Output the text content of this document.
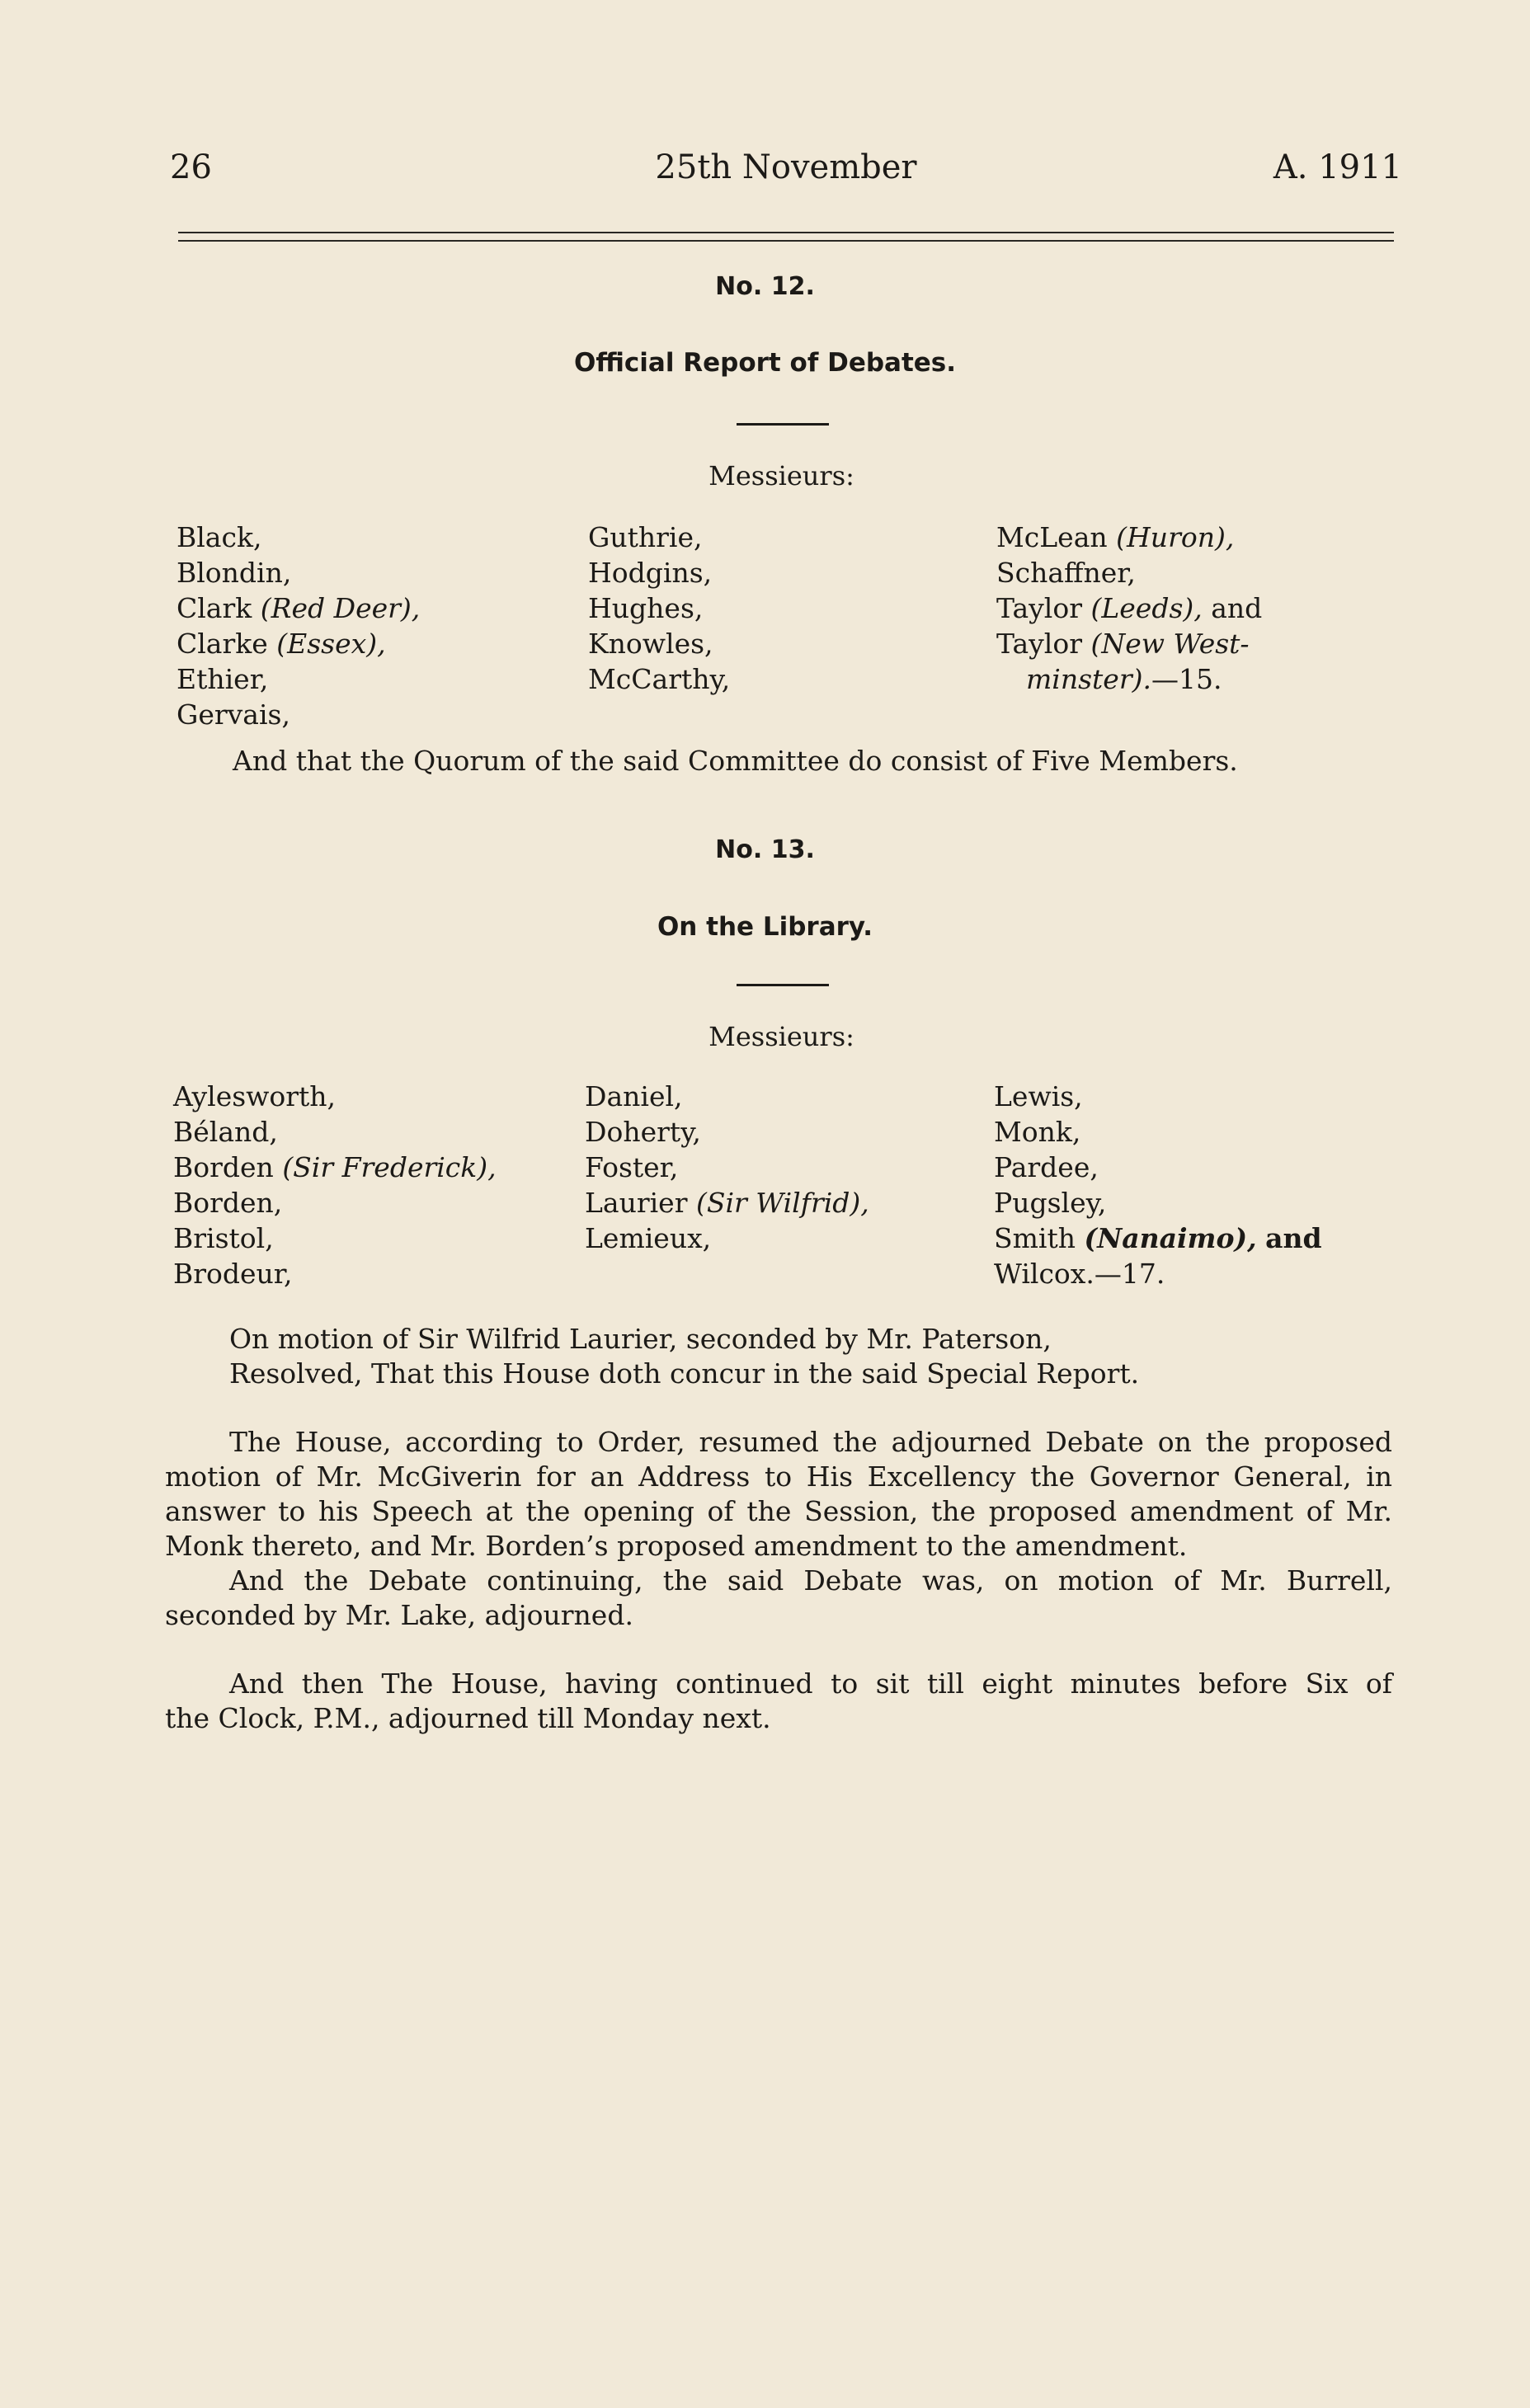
26	25th November	A. 1911
No. 12.
Official Report of Debates.
Messieurs:
Black,
Blondin,
Clark (Red Deer),
Clarke (Essex),
Ethier,
Gervais,
Guthrie,
Hodgins,
Hughes,
Knowles,
McCarthy,
McLean (Huron),
Schaffner,
Taylor (Leeds), and
Taylor (New West-
minster).—15.
And that the Quorum of the said Committee do consist of Five Members.
No. 13.
On the Library.
Messieurs:
Aylesworth,
Béland,
Borden (Sir Frederick),
Borden,
Bristol,
Brodeur,
Daniel,
Doherty,
Foster,
Laurier (Sir Wilfrid),
Lemieux,
Lewis,
Monk,
Pardee,
Pugsley,
Smith (Nanaimo), and
Wilcox.—17.
On motion of Sir Wilfrid Laurier, seconded by Mr. Paterson,
Resolved, That this House doth concur in the said Special Report.
The House, according to Order, resumed the adjourned Debate on the proposed
motion of Mr. McGiverin for an Address to His Excellency the Governor General, in
answer to his Speech at the opening of the Session, the proposed amendment of Mr.
Monk thereto, and Mr. Borden’s proposed amendment to the amendment.
And the Debate continuing, the said Debate was, on motion of Mr. Burrell,
seconded by Mr. Lake, adjourned.
And then The House, having continued to sit till eight minutes before Six of
the Clock, P.M., adjourned till Monday next.
